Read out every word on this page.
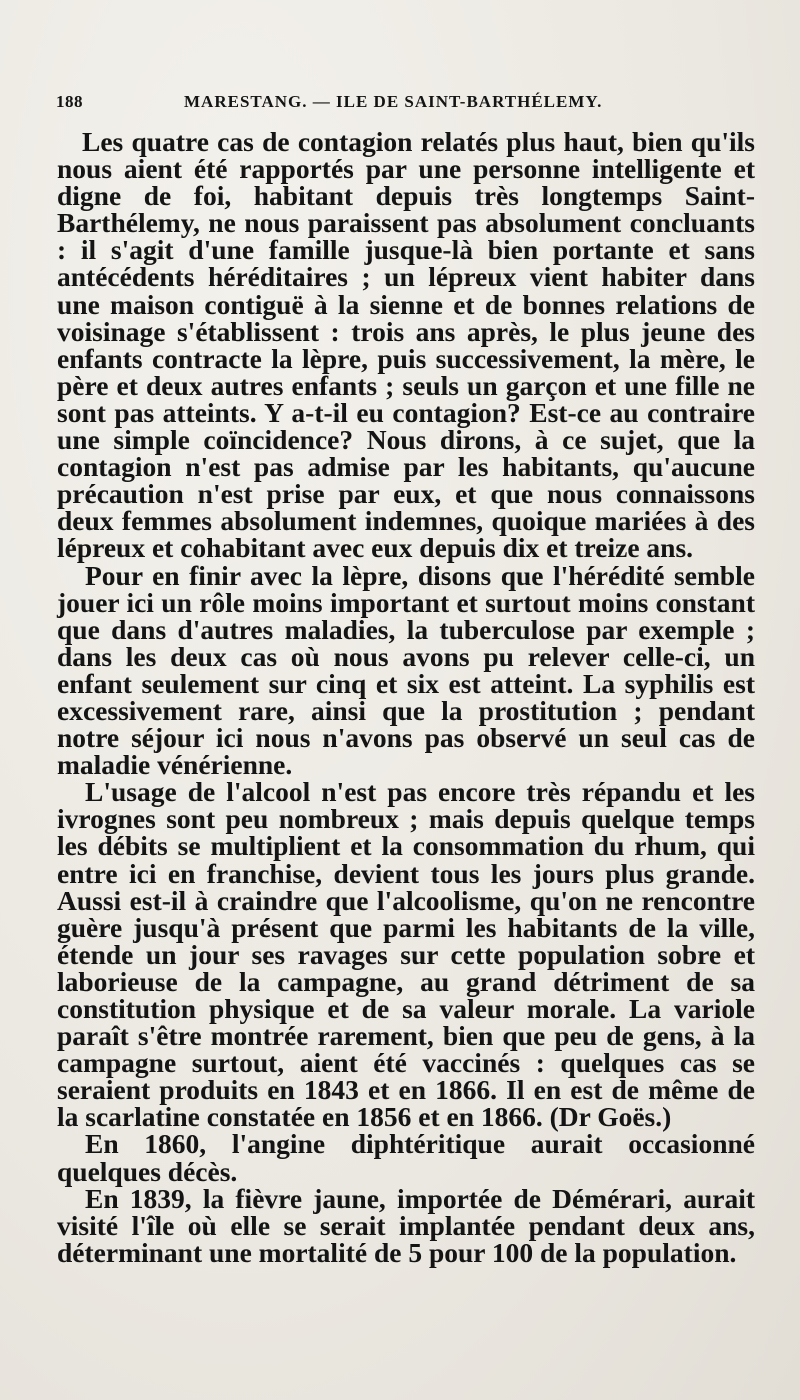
188	MARESTANG. — ILE DE SAINT-BARTHÉLEMY.

Les quatre cas de contagion relatés plus haut, bien qu'ils nous aient été rapportés par une personne intelligente et digne de foi, habitant depuis très longtemps Saint-Barthélemy, ne nous paraissent pas absolument concluants : il s'agit d'une famille jusque-là bien portante et sans antécédents héréditaires ; un lépreux vient habiter dans une maison contiguë à la sienne et de bonnes relations de voisinage s'établissent : trois ans après, le plus jeune des enfants contracte la lèpre, puis successivement, la mère, le père et deux autres enfants ; seuls un garçon et une fille ne sont pas atteints. Y a-t-il eu contagion? Est-ce au contraire une simple coïncidence? Nous dirons, à ce sujet, que la contagion n'est pas admise par les habitants, qu'aucune précaution n'est prise par eux, et que nous connaissons deux femmes absolument indemnes, quoique mariées à des lépreux et cohabitant avec eux depuis dix et treize ans.

Pour en finir avec la lèpre, disons que l'hérédité semble jouer ici un rôle moins important et surtout moins constant que dans d'autres maladies, la tuberculose par exemple ; dans les deux cas où nous avons pu relever celle-ci, un enfant seulement sur cinq et six est atteint. La syphilis est excessivement rare, ainsi que la prostitution ; pendant notre séjour ici nous n'avons pas observé un seul cas de maladie vénérienne.

L'usage de l'alcool n'est pas encore très répandu et les ivrognes sont peu nombreux ; mais depuis quelque temps les débits se multiplient et la consommation du rhum, qui entre ici en franchise, devient tous les jours plus grande. Aussi est-il à craindre que l'alcoolisme, qu'on ne rencontre guère jusqu'à présent que parmi les habitants de la ville, étende un jour ses ravages sur cette population sobre et laborieuse de la campagne, au grand détriment de sa constitution physique et de sa valeur morale. La variole paraît s'être montrée rarement, bien que peu de gens, à la campagne surtout, aient été vaccinés : quelques cas se seraient produits en 1843 et en 1866. Il en est de même de la scarlatine constatée en 1856 et en 1866. (Dr Goës.)

En 1860, l'angine diphtéritique aurait occasionné quelques décès.

En 1839, la fièvre jaune, importée de Démérari, aurait visité l'île où elle se serait implantée pendant deux ans, déterminant une mortalité de 5 pour 100 de la population.
